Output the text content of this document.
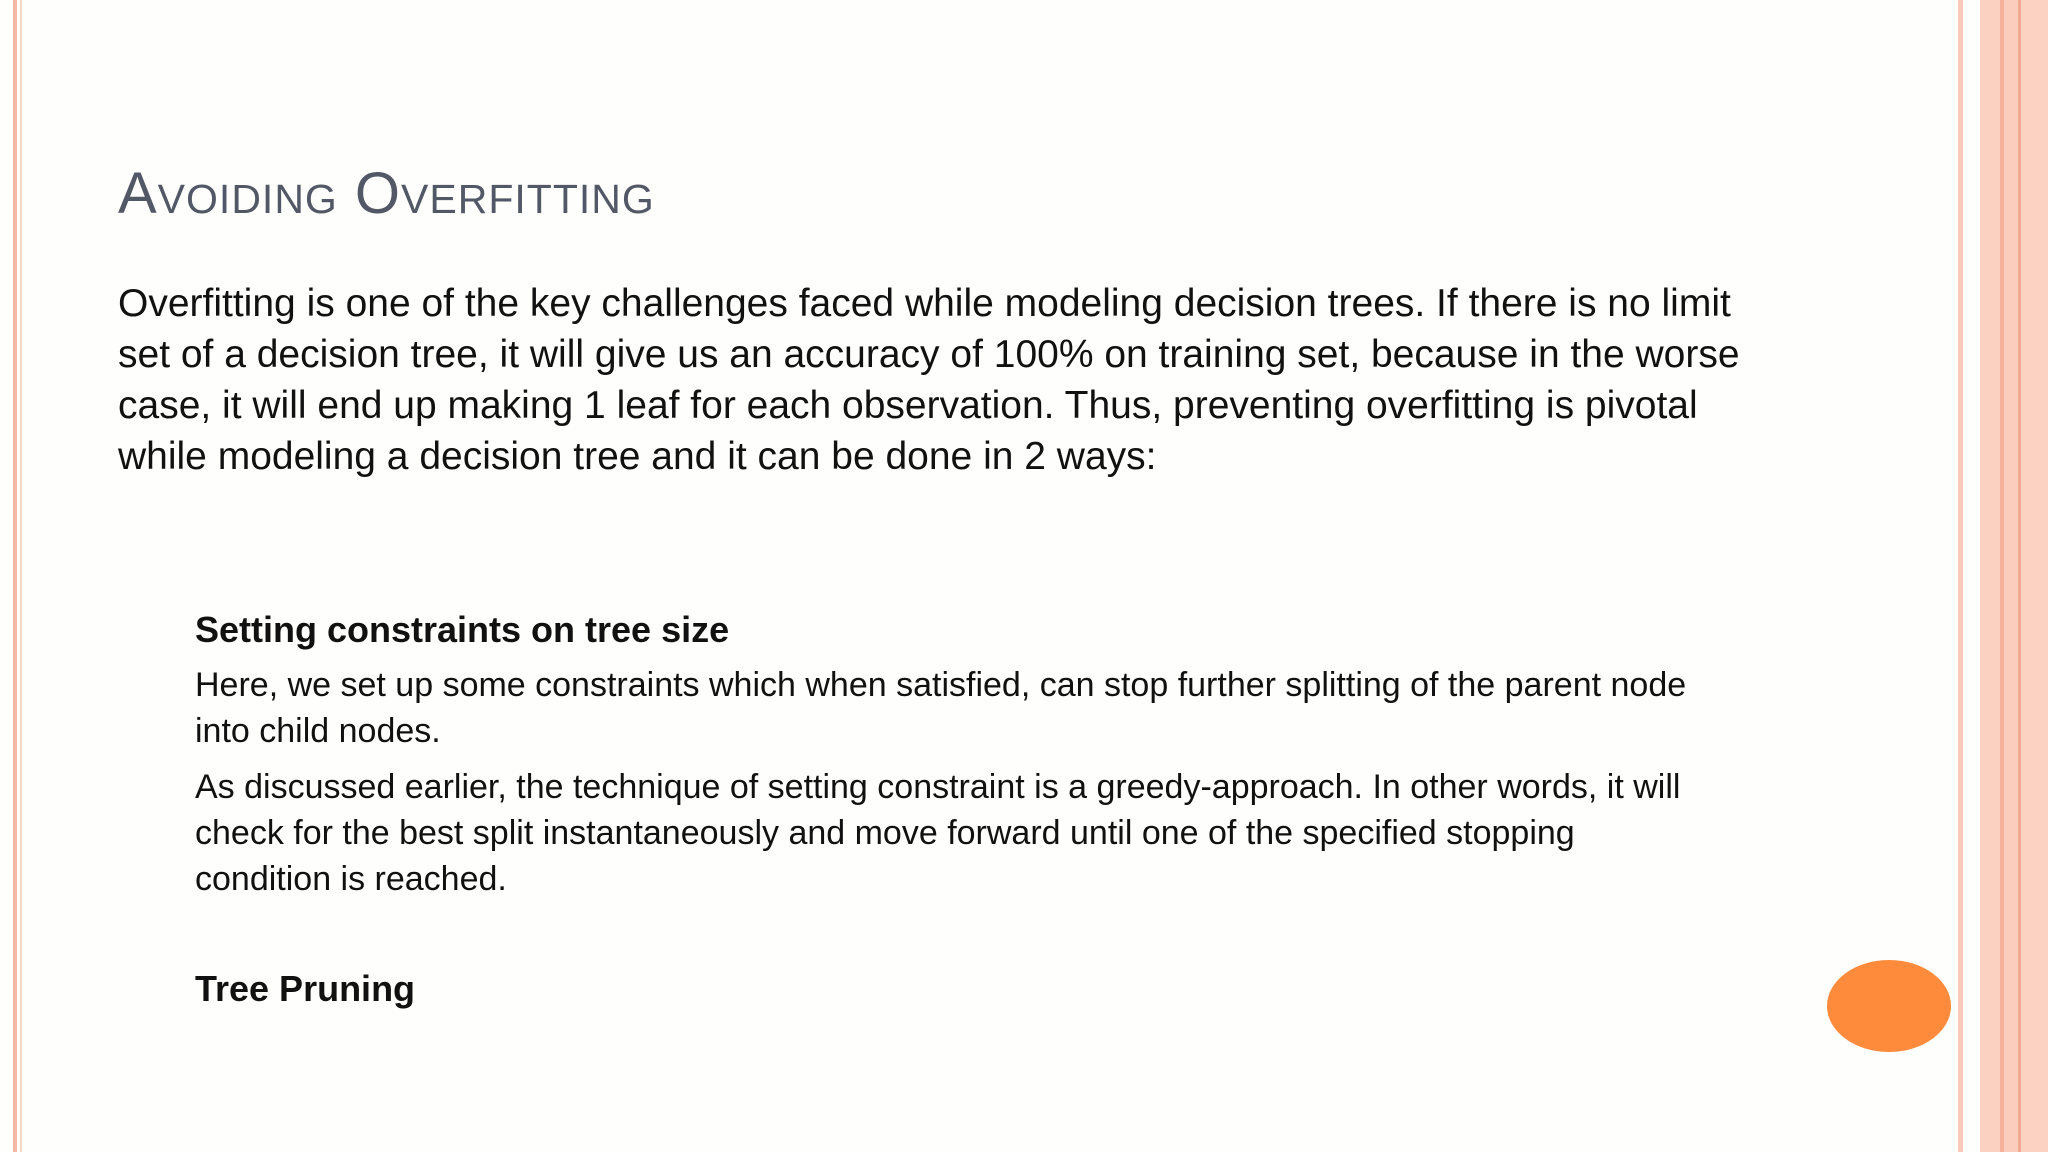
Avoiding Overfitting

Overfitting is one of the key challenges faced while modeling decision trees. If there is no limit set of a decision tree, it will give us an accuracy of 100% on training set, because in the worse case, it will end up making 1 leaf for each observation. Thus, preventing overfitting is pivotal while modeling a decision tree and it can be done in 2 ways:

Setting constraints on tree size

Here, we set up some constraints which when satisfied, can stop further splitting of the parent node into child nodes.

As discussed earlier, the technique of setting constraint is a greedy-approach. In other words, it will check for the best split instantaneously and move forward until one of the specified stopping condition is reached.

Tree Pruning
